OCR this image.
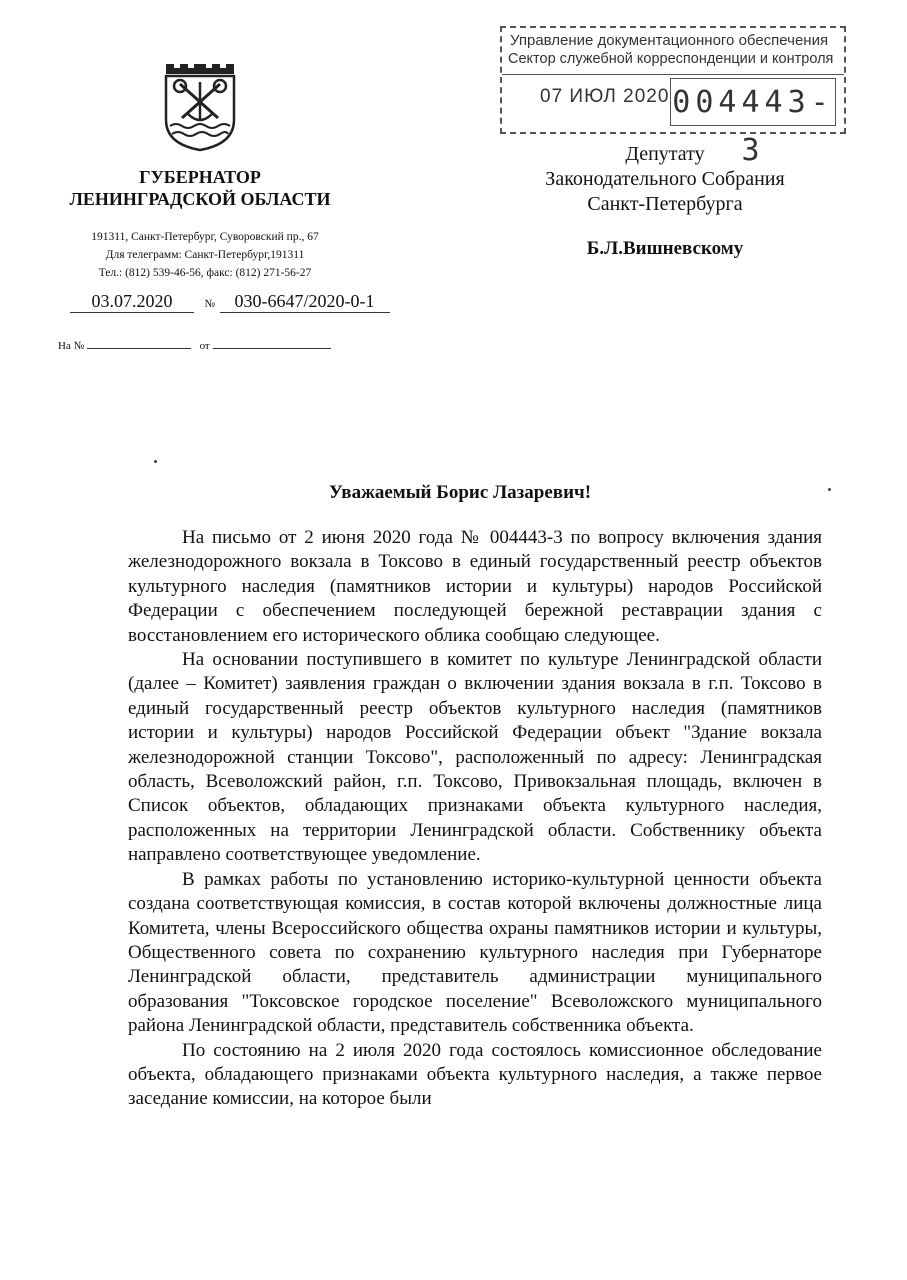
ГУБЕРНАТОР
ЛЕНИНГРАДСКОЙ ОБЛАСТИ
191311, Санкт-Петербург, Суворовский пр., 67
Для телеграмм: Санкт-Петербург,191311
Тел.: (812) 539-46-56, факс: (812) 271-56-27
03.07.2020	№ 030-6647/2020-0-1
На №	от
Управление документационного обеспечения
Сектор служебной корреспонденции и контроля
07 ИЮЛ 2020 004443-3
Депутату
Законодательного Собрания
Санкт-Петербурга
Б.Л.Вишневскому
Уважаемый Борис Лазаревич!

На письмо от 2 июня 2020 года № 004443-3 по вопросу включения здания железнодорожного вокзала в Токсово в единый государственный реестр объектов культурного наследия (памятников истории и культуры) народов Российской Федерации с обеспечением последующей бережной реставрации здания с восстановлением его исторического облика сообщаю следующее.

На основании поступившего в комитет по культуре Ленинградской области (далее – Комитет) заявления граждан о включении здания вокзала в г.п. Токсово в единый государственный реестр объектов культурного наследия (памятников истории и культуры) народов Российской Федерации объект "Здание вокзала железнодорожной станции Токсово", расположенный по адресу: Ленинградская область, Всеволожский район, г.п. Токсово, Привокзальная площадь, включен в Список объектов, обладающих признаками объекта культурного наследия, расположенных на территории Ленинградской области. Собственнику объекта направлено соответствующее уведомление.

В рамках работы по установлению историко-культурной ценности объекта создана соответствующая комиссия, в состав которой включены должностные лица Комитета, члены Всероссийского общества охраны памятников истории и культуры, Общественного совета по сохранению культурного наследия при Губернаторе Ленинградской области, представитель администрации муниципального образования "Токсовское городское поселение" Всеволожского муниципального района Ленинградской области, представитель собственника объекта.

По состоянию на 2 июля 2020 года состоялось комиссионное обследование объекта, обладающего признаками объекта культурного наследия, а также первое заседание комиссии, на которое были
